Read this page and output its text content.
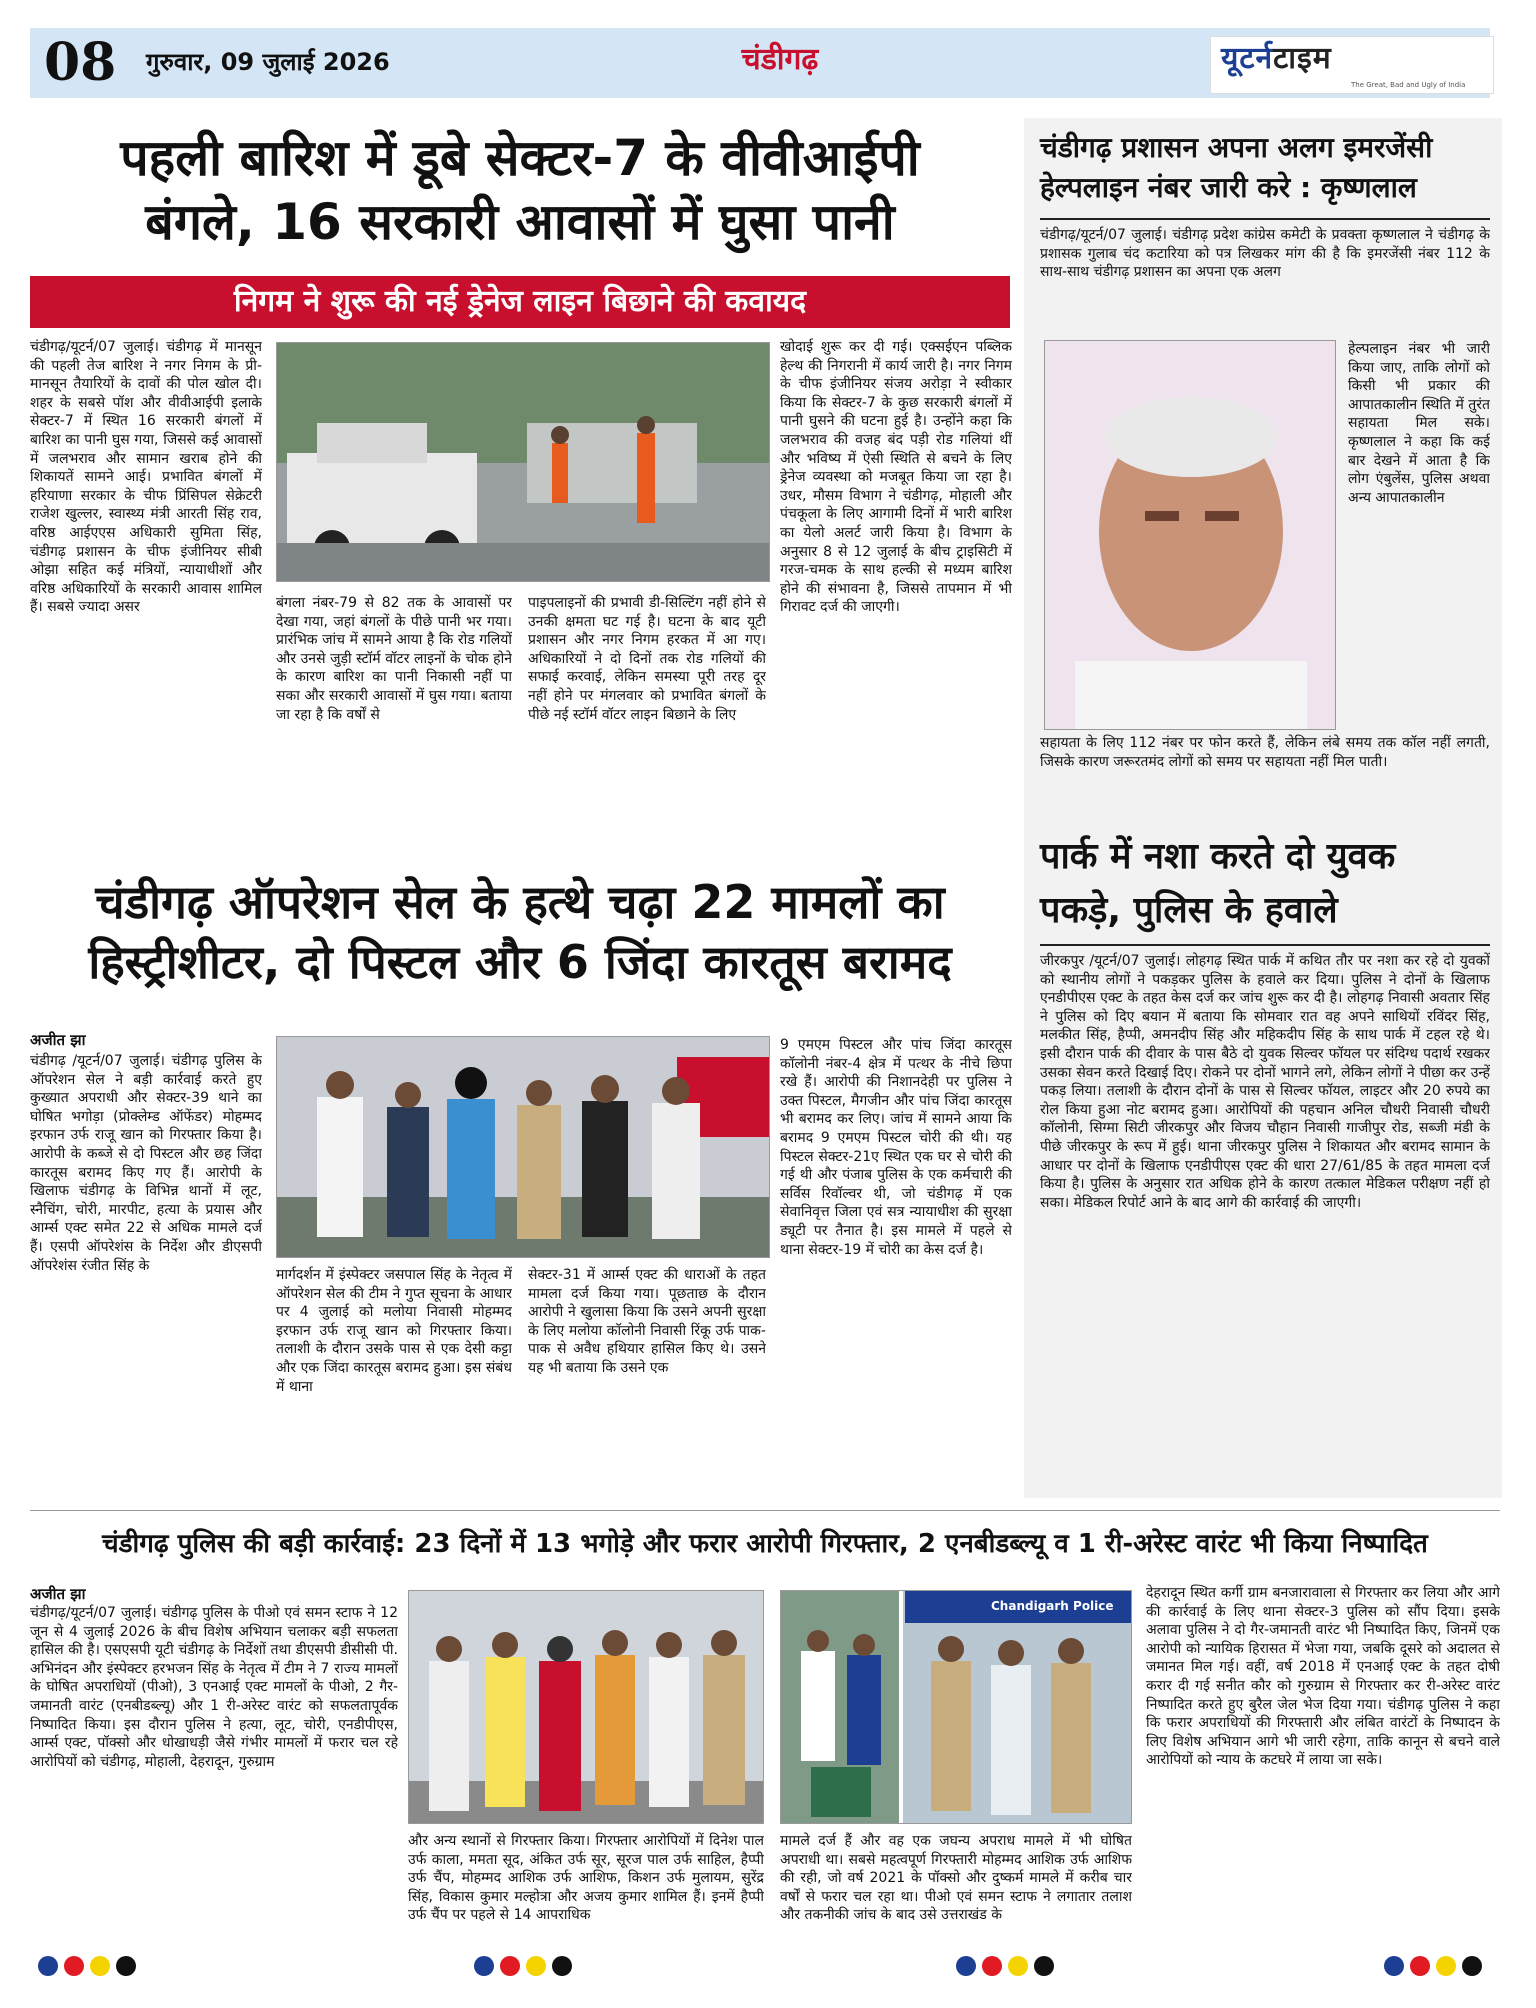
08 गुरुवार, 09 जुलाई 2026	चंडीगढ़	यूटर्नटाइम
The Great, Bad and Ugly of India
पहली बारिश में डूबे सेक्टर-7 के वीवीआईपी
बंगले, 16 सरकारी आवासों में घुसा पानी
निगम ने शुरू की नई ड्रेनेज लाइन बिछाने की कवायद
चंडीगढ़/यूटर्न/07 जुलाई। चंडीगढ़ में मानसून की पहली तेज बारिश ने नगर निगम के प्री-मानसून तैयारियों के दावों की पोल खोल दी। शहर के सबसे पॉश और वीवीआईपी इलाके सेक्टर-7 में स्थित 16 सरकारी बंगलों में बारिश का पानी घुस गया, जिससे कई आवासों में जलभराव और सामान खराब होने की शिकायतें सामने आई। प्रभावित बंगलों में हरियाणा सरकार के चीफ प्रिंसिपल सेक्रेटरी राजेश खुल्लर, स्वास्थ्य मंत्री आरती सिंह राव, वरिष्ठ आईएएस अधिकारी सुमिता सिंह, चंडीगढ़ प्रशासन के चीफ इंजीनियर सीबी ओझा सहित कई मंत्रियों, न्यायाधीशों और वरिष्ठ अधिकारियों के सरकारी आवास शामिल हैं। सबसे ज्यादा असर	बंगला नंबर-79 से 82 तक के आवासों पर देखा गया, जहां बंगलों के पीछे पानी भर गया। प्रारंभिक जांच में सामने आया है कि रोड गलियों और उनसे जुड़ी स्टॉर्म वॉटर लाइनों के चोक होने के कारण बारिश का पानी निकासी नहीं पा सका और सरकारी आवासों में घुस गया। बताया जा रहा है कि वर्षों से
पाइपलाइनों की प्रभावी डी-सिल्टिंग नहीं होने से उनकी क्षमता घट गई है। घटना के बाद यूटी प्रशासन और नगर निगम हरकत में आ गए। अधिकारियों ने दो दिनों तक रोड गलियों की सफाई करवाई, लेकिन समस्या पूरी तरह दूर नहीं होने पर मंगलवार को प्रभावित बंगलों के पीछे नई स्टॉर्म वॉटर लाइन बिछाने के लिए
खोदाई शुरू कर दी गई। एक्सईएन पब्लिक हेल्थ की निगरानी में कार्य जारी है। नगर निगम के चीफ इंजीनियर संजय अरोड़ा ने स्वीकार किया कि सेक्टर-7 के कुछ सरकारी बंगलों में पानी घुसने की घटना हुई है। उन्होंने कहा कि जलभराव की वजह बंद पड़ी रोड गलियां थीं और भविष्य में ऐसी स्थिति से बचने के लिए ड्रेनेज व्यवस्था को मजबूत किया जा रहा है। उधर, मौसम विभाग ने चंडीगढ़, मोहाली और पंचकूला के लिए आगामी दिनों में भारी बारिश का येलो अलर्ट जारी किया है। विभाग के अनुसार 8 से 12 जुलाई के बीच ट्राइसिटी में गरज-चमक के साथ हल्की से मध्यम बारिश होने की संभावना है, जिससे तापमान में भी गिरावट दर्ज की जाएगी।
चंडीगढ़ ऑपरेशन सेल के हत्थे चढ़ा 22 मामलों का
हिस्ट्रीशीटर, दो पिस्टल और 6 जिंदा कारतूस बरामद
अजीत झा
चंडीगढ़ /यूटर्न/07 जुलाई। चंडीगढ़ पुलिस के ऑपरेशन सेल ने बड़ी कार्रवाई करते हुए कुख्यात अपराधी और सेक्टर-39 थाने का घोषित भगोड़ा (प्रोक्लेम्ड ऑफेंडर) मोहम्मद इरफान उर्फ राजू खान को गिरफ्तार किया है। आरोपी के कब्जे से दो पिस्टल और छह जिंदा कारतूस बरामद किए गए हैं। आरोपी के खिलाफ चंडीगढ़ के विभिन्न थानों में लूट, स्नैचिंग, चोरी, मारपीट, हत्या के प्रयास और आर्म्स एक्ट समेत 22 से अधिक मामले दर्ज हैं। एसपी ऑपरेशंस के निर्देश और डीएसपी ऑपरेशंस रंजीत सिंह के
मार्गदर्शन में इंस्पेक्टर जसपाल सिंह के नेतृत्व में ऑपरेशन सेल की टीम ने गुप्त सूचना के आधार पर 4 जुलाई को मलोया निवासी मोहम्मद इरफान उर्फ राजू खान को गिरफ्तार किया। तलाशी के दौरान उसके पास से एक देसी कट्टा और एक जिंदा कारतूस बरामद हुआ। इस संबंध में थाना
सेक्टर-31 में आर्म्स एक्ट की धाराओं के तहत मामला दर्ज किया गया। पूछताछ के दौरान आरोपी ने खुलासा किया कि उसने अपनी सुरक्षा के लिए मलोया कॉलोनी निवासी रिंकू उर्फ पाक-पाक से अवैध हथियार हासिल किए थे। उसने यह भी बताया कि उसने एक
9 एमएम पिस्टल और पांच जिंदा कारतूस कॉलोनी नंबर-4 क्षेत्र में पत्थर के नीचे छिपा रखे हैं। आरोपी की निशानदेही पर पुलिस ने उक्त पिस्टल, मैगजीन और पांच जिंदा कारतूस भी बरामद कर लिए। जांच में सामने आया कि बरामद 9 एमएम पिस्टल चोरी की थी। यह पिस्टल सेक्टर-21ए स्थित एक घर से चोरी की गई थी और पंजाब पुलिस के एक कर्मचारी की सर्विस रिवॉल्वर थी, जो चंडीगढ़ में एक सेवानिवृत्त जिला एवं सत्र न्यायाधीश की सुरक्षा ड्यूटी पर तैनात है। इस मामले में पहले से थाना सेक्टर-19 में चोरी का केस दर्ज है।
चंडीगढ़ प्रशासन अपना अलग इमरजेंसी
हेल्पलाइन नंबर जारी करे : कृष्णलाल
चंडीगढ़/यूटर्न/07 जुलाई। चंडीगढ़ प्रदेश कांग्रेस कमेटी के प्रवक्ता कृष्णलाल ने चंडीगढ़ के प्रशासक गुलाब चंद कटारिया को पत्र लिखकर मांग की है कि इमरजेंसी नंबर 112 के साथ-साथ चंडीगढ़ प्रशासन का अपना एक अलग
हेल्पलाइन नंबर भी जारी किया जाए, ताकि लोगों को किसी भी प्रकार की आपातकालीन स्थिति में तुरंत सहायता मिल सके। कृष्णलाल ने कहा कि कई बार देखने में आता है कि लोग एंबुलेंस, पुलिस अथवा अन्य आपातकालीन
सहायता के लिए 112 नंबर पर फोन करते हैं, लेकिन लंबे समय तक कॉल नहीं लगती, जिसके कारण जरूरतमंद लोगों को समय पर सहायता नहीं मिल पाती।
पार्क में नशा करते दो युवक
पकड़े, पुलिस के हवाले
जीरकपुर /यूटर्न/07 जुलाई। लोहगढ़ स्थित पार्क में कथित तौर पर नशा कर रहे दो युवकों को स्थानीय लोगों ने पकड़कर पुलिस के हवाले कर दिया। पुलिस ने दोनों के खिलाफ एनडीपीएस एक्ट के तहत केस दर्ज कर जांच शुरू कर दी है। लोहगढ़ निवासी अवतार सिंह ने पुलिस को दिए बयान में बताया कि सोमवार रात वह अपने साथियों रविंदर सिंह, मलकीत सिंह, हैप्पी, अमनदीप सिंह और महिकदीप सिंह के साथ पार्क में टहल रहे थे। इसी दौरान पार्क की दीवार के पास बैठे दो युवक सिल्वर फॉयल पर संदिग्ध पदार्थ रखकर उसका सेवन करते दिखाई दिए। रोकने पर दोनों भागने लगे, लेकिन लोगों ने पीछा कर उन्हें पकड़ लिया। तलाशी के दौरान दोनों के पास से सिल्वर फॉयल, लाइटर और 20 रुपये का रोल किया हुआ नोट बरामद हुआ। आरोपियों की पहचान अनिल चौधरी निवासी चौधरी कॉलोनी, सिग्मा सिटी जीरकपुर और विजय चौहान निवासी गाजीपुर रोड, सब्जी मंडी के पीछे जीरकपुर के रूप में हुई। थाना जीरकपुर पुलिस ने शिकायत और बरामद सामान के आधार पर दोनों के खिलाफ एनडीपीएस एक्ट की धारा 27/61/85 के तहत मामला दर्ज किया है। पुलिस के अनुसार रात अधिक होने के कारण तत्काल मेडिकल परीक्षण नहीं हो सका। मेडिकल रिपोर्ट आने के बाद आगे की कार्रवाई की जाएगी।
चंडीगढ़ पुलिस की बड़ी कार्रवाई: 23 दिनों में 13 भगोड़े और फरार आरोपी गिरफ्तार, 2 एनबीडब्ल्यू व 1 री-अरेस्ट वारंट भी किया निष्पादित
अजीत झा
चंडीगढ़/यूटर्न/07 जुलाई। चंडीगढ़ पुलिस के पीओ एवं समन स्टाफ ने 12 जून से 4 जुलाई 2026 के बीच विशेष अभियान चलाकर बड़ी सफलता हासिल की है। एसएसपी यूटी चंडीगढ़ के निर्देशों तथा डीएसपी डीसीसी पी. अभिनंदन और इंस्पेक्टर हरभजन सिंह के नेतृत्व में टीम ने 7 राज्य मामलों के घोषित अपराधियों (पीओ), 3 एनआई एक्ट मामलों के पीओ, 2 गैर-जमानती वारंट (एनबीडब्ल्यू) और 1 री-अरेस्ट वारंट को सफलतापूर्वक निष्पादित किया। इस दौरान पुलिस ने हत्या, लूट, चोरी, एनडीपीएस, आर्म्स एक्ट, पॉक्सो और धोखाधड़ी जैसे गंभीर मामलों में फरार चल रहे आरोपियों को चंडीगढ़, मोहाली, देहरादून, गुरुग्राम
और अन्य स्थानों से गिरफ्तार किया। गिरफ्तार आरोपियों में दिनेश पाल उर्फ काला, ममता सूद, अंकित उर्फ सूर, सूरज पाल उर्फ साहिल, हैप्पी उर्फ चैंप, मोहम्मद आशिक उर्फ आशिफ, किशन उर्फ मुलायम, सुरेंद्र सिंह, विकास कुमार मल्होत्रा और अजय कुमार शामिल हैं। इनमें हैप्पी उर्फ चैंप पर पहले से 14 आपराधिक
Chandigarh Police
मामले दर्ज हैं और वह एक जघन्य अपराध मामले में भी घोषित अपराधी था। सबसे महत्वपूर्ण गिरफ्तारी मोहम्मद आशिक उर्फ आशिफ की रही, जो वर्ष 2021 के पॉक्सो और दुष्कर्म मामले में करीब चार वर्षों से फरार चल रहा था। पीओ एवं समन स्टाफ ने लगातार तलाश और तकनीकी जांच के बाद उसे उत्तराखंड के
देहरादून स्थित कर्गी ग्राम बनजारावाला से गिरफ्तार कर लिया और आगे की कार्रवाई के लिए थाना सेक्टर-3 पुलिस को सौंप दिया। इसके अलावा पुलिस ने दो गैर-जमानती वारंट भी निष्पादित किए, जिनमें एक आरोपी को न्यायिक हिरासत में भेजा गया, जबकि दूसरे को अदालत से जमानत मिल गई। वहीं, वर्ष 2018 में एनआई एक्ट के तहत दोषी करार दी गई सनीत कौर को गुरुग्राम से गिरफ्तार कर री-अरेस्ट वारंट निष्पादित करते हुए बुरैल जेल भेज दिया गया। चंडीगढ़ पुलिस ने कहा कि फरार अपराधियों की गिरफ्तारी और लंबित वारंटों के निष्पादन के लिए विशेष अभियान आगे भी जारी रहेगा, ताकि कानून से बचने वाले आरोपियों को न्याय के कटघरे में लाया जा सके।
